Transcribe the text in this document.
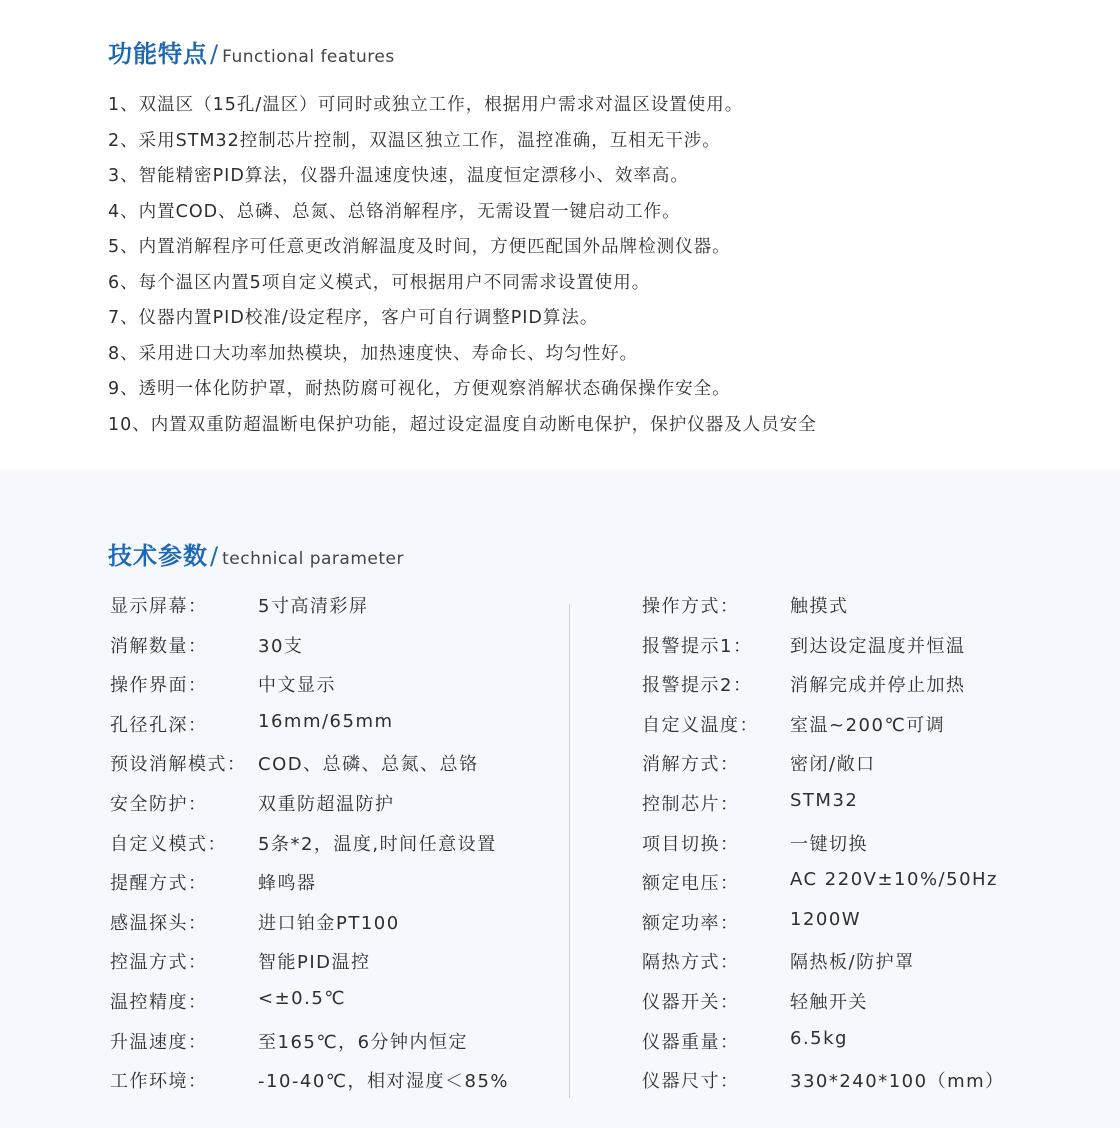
功能特点 / Functional features
1、双温区（15孔/温区）可同时或独立工作，根据用户需求对温区设置使用。
2、采用STM32控制芯片控制，双温区独立工作，温控准确，互相无干涉。
3、智能精密PID算法，仪器升温速度快速，温度恒定漂移小、效率高。
4、内置COD、总磷、总氮、总铬消解程序，无需设置一键启动工作。
5、内置消解程序可任意更改消解温度及时间，方便匹配国外品牌检测仪器。
6、每个温区内置5项自定义模式，可根据用户不同需求设置使用。
7、仪器内置PID校准/设定程序，客户可自行调整PID算法。
8、采用进口大功率加热模块，加热速度快、寿命长、均匀性好。
9、透明一体化防护罩，耐热防腐可视化，方便观察消解状态确保操作安全。
10、内置双重防超温断电保护功能，超过设定温度自动断电保护，保护仪器及人员安全
技术参数 / technical parameter
显示屏幕：	5寸高清彩屏
消解数量：	30支
操作界面：	中文显示
孔径孔深：	16mm/65mm
预设消解模式： COD、总磷、总氮、总铬
安全防护：	双重防超温防护
自定义模式：	5条*2，温度,时间任意设置
提醒方式：	蜂鸣器
感温探头：	进口铂金PT100
控温方式：	智能PID温控
温控精度：	<±0.5℃
升温速度：	至165℃，6分钟内恒定
工作环境：	-10-40℃，相对湿度＜85%
操作方式：	触摸式
报警提示1：	到达设定温度并恒温
报警提示2：	消解完成并停止加热
自定义温度：	室温~200℃可调
消解方式：	密闭/敞口
控制芯片：	STM32
项目切换：	一键切换
额定电压：	AC 220V±10%/50Hz
额定功率：	1200W
隔热方式：	隔热板/防护罩
仪器开关：	轻触开关
仪器重量：	6.5kg
仪器尺寸：	330*240*100（mm）
